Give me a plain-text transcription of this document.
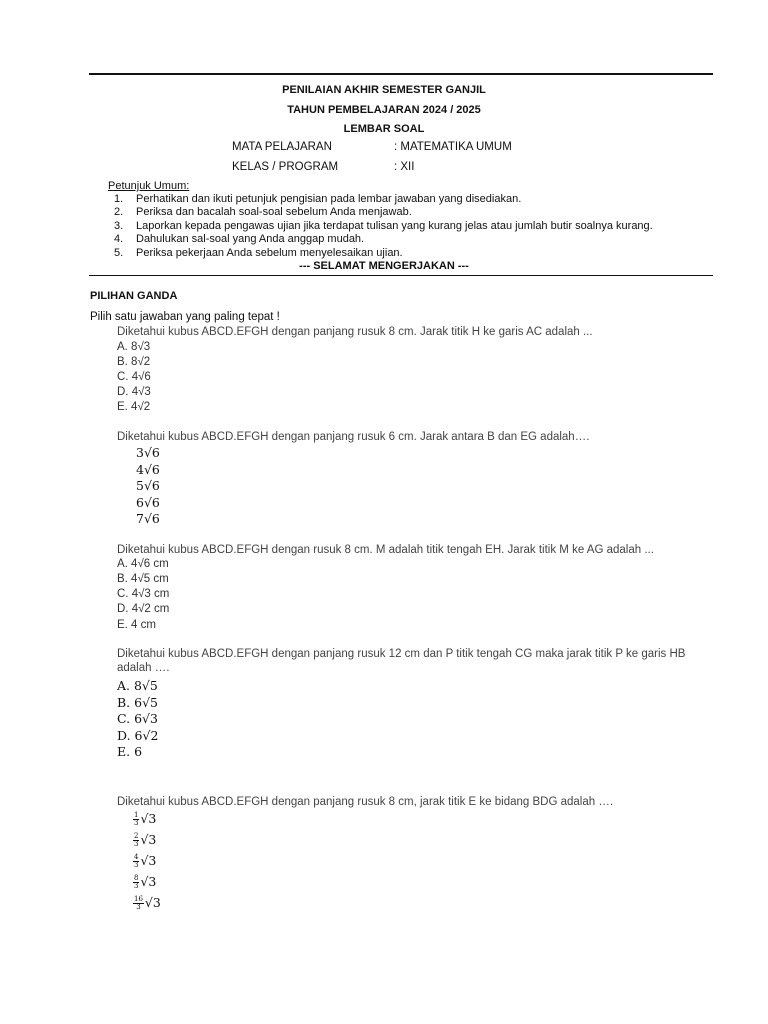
PENILAIAN AKHIR SEMESTER GANJIL
TAHUN PEMBELAJARAN 2024 / 2025
LEMBAR SOAL
MATA PELAJARAN	: MATEMATIKA UMUM
KELAS / PROGRAM	: XII
Petunjuk Umum:
1. Perhatikan dan ikuti petunjuk pengisian pada lembar jawaban yang disediakan.
2. Periksa dan bacalah soal-soal sebelum Anda menjawab.
3. Laporkan kepada pengawas ujian jika terdapat tulisan yang kurang jelas atau jumlah butir soalnya kurang.
4. Dahulukan sal-soal yang Anda anggap mudah.
5. Periksa pekerjaan Anda sebelum menyelesaikan ujian.
--- SELAMAT MENGERJAKAN ---
PILIHAN GANDA
Pilih satu jawaban yang paling tepat !
Diketahui kubus ABCD.EFGH dengan panjang rusuk 8 cm. Jarak titik H ke garis AC adalah ...
A. 8√3
B. 8√2
C. 4√6
D. 4√3
E. 4√2
Diketahui kubus ABCD.EFGH dengan panjang rusuk 6 cm. Jarak antara B dan EG adalah….
3√6
4√6
5√6
6√6
7√6
Diketahui kubus ABCD.EFGH dengan rusuk 8 cm. M adalah titik tengah EH. Jarak titik M ke AG adalah ...
A. 4√6 cm
B. 4√5 cm
C. 4√3 cm
D. 4√2 cm
E. 4 cm
Diketahui kubus ABCD.EFGH dengan panjang rusuk 12 cm dan P titik tengah CG maka jarak titik P ke garis HB
adalah ….
A. 8√5
B. 6√5
C. 6√3
D. 6√2
E. 6
Diketahui kubus ABCD.EFGH dengan panjang rusuk 8 cm, jarak titik E ke bidang BDG adalah ….
$\frac{1}{3} √3$
$\frac{2}{3} √3$
$\frac{4}{3} √3$
$\frac{8}{3} √3$
$\frac{16}{3} √3$
